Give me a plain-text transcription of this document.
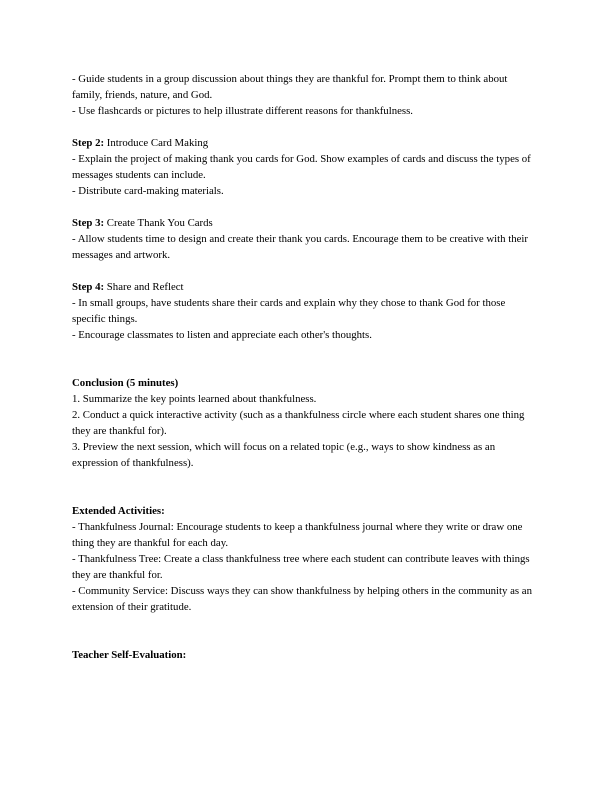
- Guide students in a group discussion about things they are thankful for. Prompt them to think about family, friends, nature, and God.

- Use flashcards or pictures to help illustrate different reasons for thankfulness.

Step 2: Introduce Card Making

- Explain the project of making thank you cards for God. Show examples of cards and discuss the types of messages students can include.

- Distribute card-making materials.

Step 3: Create Thank You Cards

- Allow students time to design and create their thank you cards. Encourage them to be creative with their messages and artwork.

Step 4: Share and Reflect

- In small groups, have students share their cards and explain why they chose to thank God for those specific things.

- Encourage classmates to listen and appreciate each other's thoughts.

Conclusion (5 minutes)

1. Summarize the key points learned about thankfulness.

2. Conduct a quick interactive activity (such as a thankfulness circle where each student shares one thing they are thankful for).

3. Preview the next session, which will focus on a related topic (e.g., ways to show kindness as an expression of thankfulness).

Extended Activities:

- Thankfulness Journal: Encourage students to keep a thankfulness journal where they write or draw one thing they are thankful for each day.

- Thankfulness Tree: Create a class thankfulness tree where each student can contribute leaves with things they are thankful for.

- Community Service: Discuss ways they can show thankfulness by helping others in the community as an extension of their gratitude.

Teacher Self-Evaluation:
